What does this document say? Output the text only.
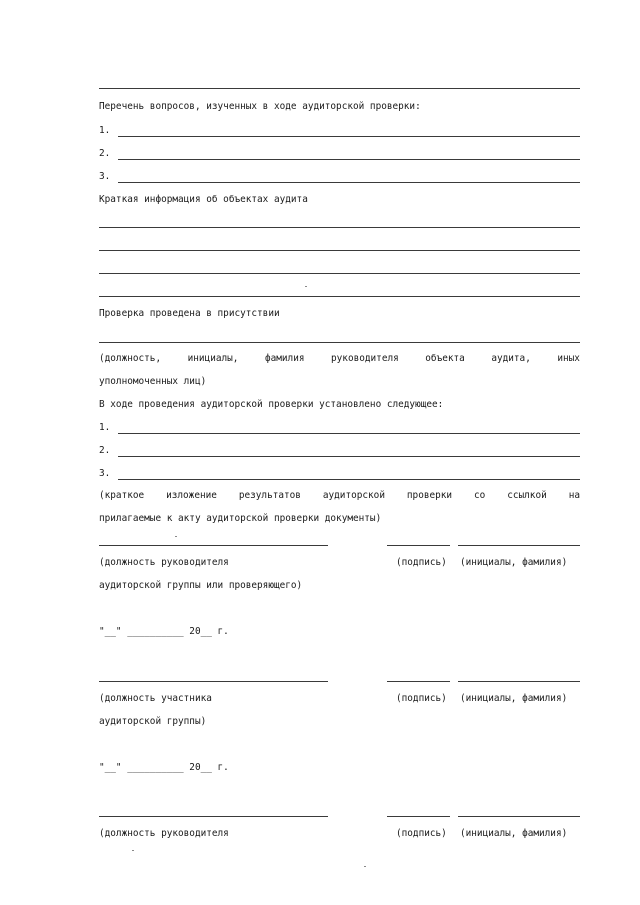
Перечень вопросов, изученных в ходе аудиторской проверки:
1.
2.
3.
Краткая информация об объектах аудита
Проверка проведена в присутствии
(должность,	инициалы,	фамилия	руководителя	объекта	аудита,	иных
уполномоченных лиц)
В ходе проведения аудиторской проверки установлено следующее:
1.
2.
3.
(краткое изложение результатов аудиторской проверки со ссылкой на
прилагаемые к акту аудиторской проверки документы)
(должность руководителя	(подпись) (инициалы, фамилия)
аудиторской группы или проверяющего)
"__" __________ 20__ г.
(должность участника	(подпись) (инициалы, фамилия)
аудиторской группы)
"__" __________ 20__ г.
(должность руководителя	(подпись) (инициалы, фамилия)
